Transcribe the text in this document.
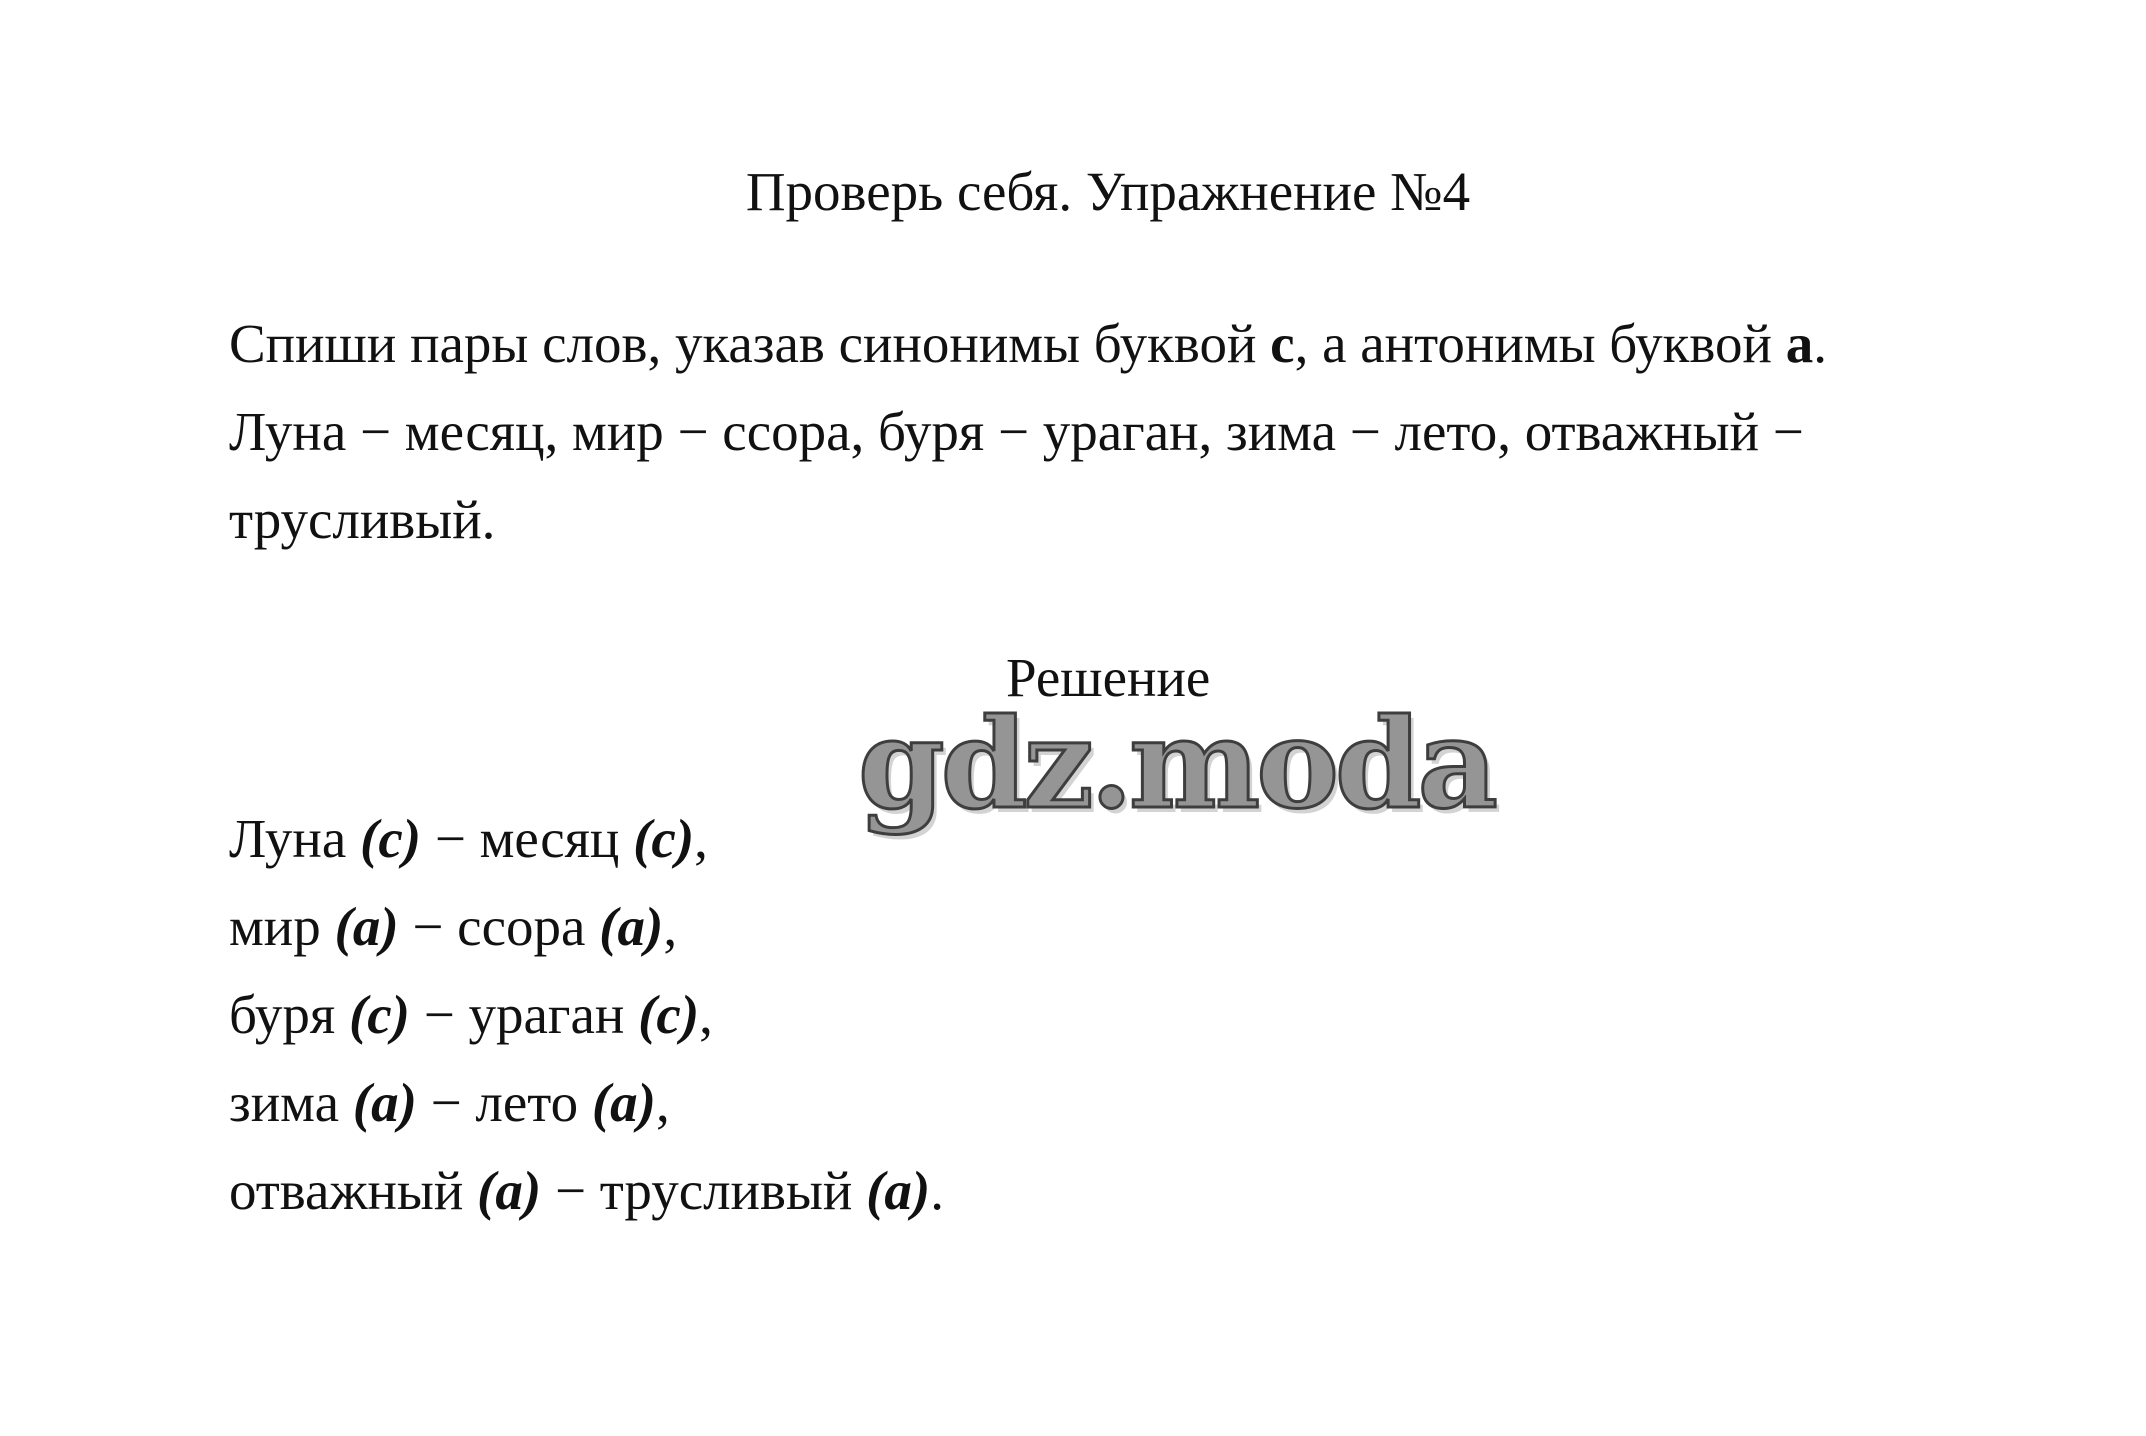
Проверь себя. Упражнение №4
Спиши пары слов, указав синонимы буквой с, а антонимы буквой а.
Луна − месяц, мир − ссора, буря − ураган, зима − лето, отважный −
трусливый.
Решение
gdz.moda
Луна (с) − месяц (с),
мир (а) − ссора (а),
буря (с) − ураган (с),
зима (а) − лето (а),
отважный (а) − трусливый (а).
